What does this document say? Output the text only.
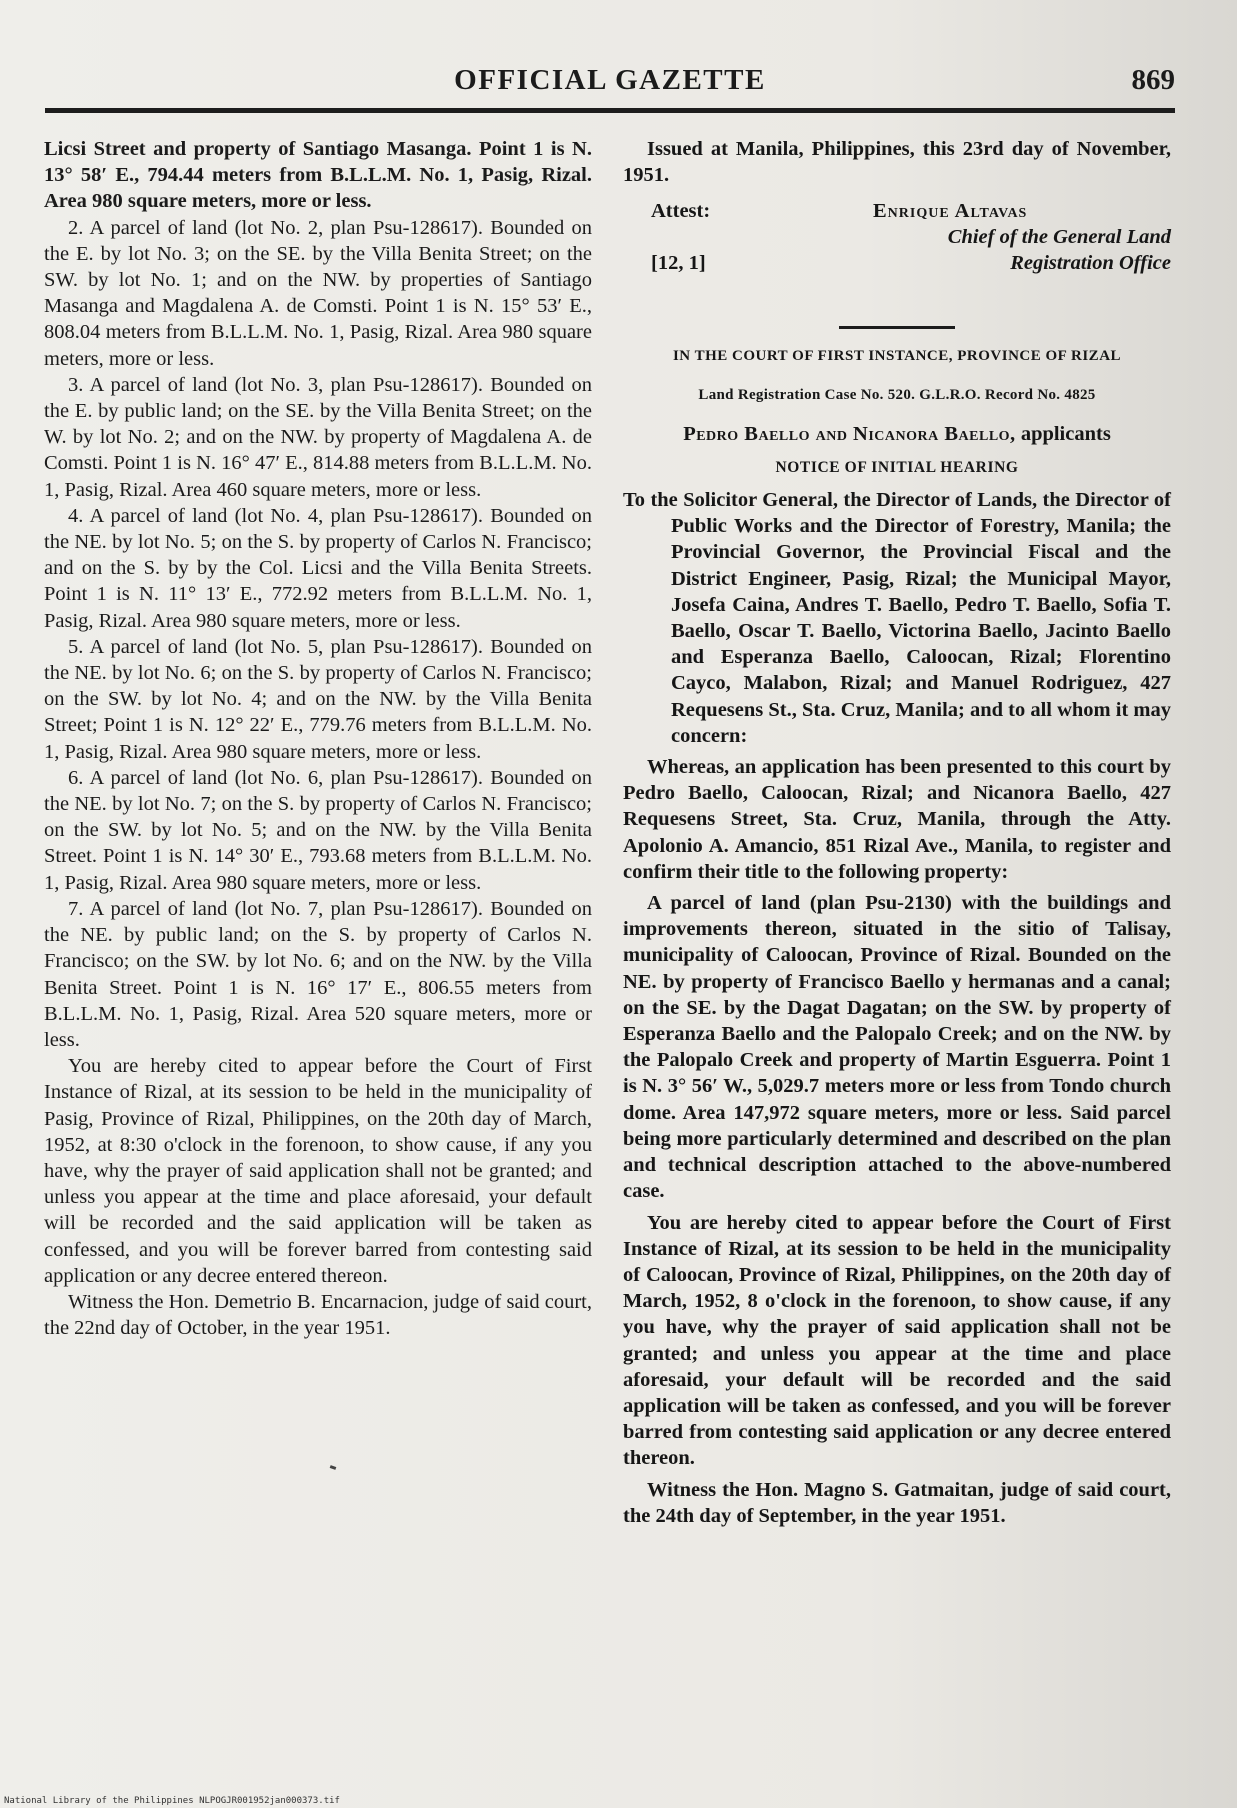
OFFICIAL GAZETTE	869

Licsi Street and property of Santiago Masanga. Point 1 is N. 13° 58′ E., 794.44 meters from B.L.L.M. No. 1, Pasig, Rizal. Area 980 square meters, more or less.

2. A parcel of land (lot No. 2, plan Psu-128617). Bounded on the E. by lot No. 3; on the SE. by the Villa Benita Street; on the SW. by lot No. 1; and on the NW. by properties of Santiago Masanga and Magdalena A. de Comsti. Point 1 is N. 15° 53′ E., 808.04 meters from B.L.L.M. No. 1, Pasig, Rizal. Area 980 square meters, more or less.

3. A parcel of land (lot No. 3, plan Psu-128617). Bounded on the E. by public land; on the SE. by the Villa Benita Street; on the W. by lot No. 2; and on the NW. by property of Magdalena A. de Comsti. Point 1 is N. 16° 47′ E., 814.88 meters from B.L.L.M. No. 1, Pasig, Rizal. Area 460 square meters, more or less.

4. A parcel of land (lot No. 4, plan Psu-128617). Bounded on the NE. by lot No. 5; on the S. by property of Carlos N. Francisco; and on the S. by by the Col. Licsi and the Villa Benita Streets. Point 1 is N. 11° 13′ E., 772.92 meters from B.L.L.M. No. 1, Pasig, Rizal. Area 980 square meters, more or less.

5. A parcel of land (lot No. 5, plan Psu-128617). Bounded on the NE. by lot No. 6; on the S. by property of Carlos N. Francisco; on the SW. by lot No. 4; and on the NW. by the Villa Benita Street; Point 1 is N. 12° 22′ E., 779.76 meters from B.L.L.M. No. 1, Pasig, Rizal. Area 980 square meters, more or less.

6. A parcel of land (lot No. 6, plan Psu-128617). Bounded on the NE. by lot No. 7; on the S. by property of Carlos N. Francisco; on the SW. by lot No. 5; and on the NW. by the Villa Benita Street. Point 1 is N. 14° 30′ E., 793.68 meters from B.L.L.M. No. 1, Pasig, Rizal. Area 980 square meters, more or less.

7. A parcel of land (lot No. 7, plan Psu-128617). Bounded on the NE. by public land; on the S. by property of Carlos N. Francisco; on the SW. by lot No. 6; and on the NW. by the Villa Benita Street. Point 1 is N. 16° 17′ E., 806.55 meters from B.L.L.M. No. 1, Pasig, Rizal. Area 520 square meters, more or less.

You are hereby cited to appear before the Court of First Instance of Rizal, at its session to be held in the municipality of Pasig, Province of Rizal, Philippines, on the 20th day of March, 1952, at 8:30 o'clock in the forenoon, to show cause, if any you have, why the prayer of said application shall not be granted; and unless you appear at the time and place aforesaid, your default will be recorded and the said application will be taken as confessed, and you will be forever barred from contesting said application or any decree entered thereon.

Witness the Hon. Demetrio B. Encarnacion, judge of said court, the 22nd day of October, in the year 1951.

Issued at Manila, Philippines, this 23rd day of November, 1951.

Attest:	Enrique Altavas
Chief of the General Land
[12, 1]	Registration Office
IN THE COURT OF FIRST INSTANCE, PROVINCE OF RIZAL
Land Registration Case No. 520. G.L.R.O. Record No. 4825
Pedro Baello and Nicanora Baello, applicants
NOTICE OF INITIAL HEARING

To the Solicitor General, the Director of Lands, the Director of Public Works and the Director of Forestry, Manila; the Provincial Governor, the Provincial Fiscal and the District Engineer, Pasig, Rizal; the Municipal Mayor, Josefa Caina, Andres T. Baello, Pedro T. Baello, Sofia T. Baello, Oscar T. Baello, Victorina Baello, Jacinto Baello and Esperanza Baello, Caloocan, Rizal; Florentino Cayco, Malabon, Rizal; and Manuel Rodriguez, 427 Requesens St., Sta. Cruz, Manila; and to all whom it may concern:

Whereas, an application has been presented to this court by Pedro Baello, Caloocan, Rizal; and Nicanora Baello, 427 Requesens Street, Sta. Cruz, Manila, through the Atty. Apolonio A. Amancio, 851 Rizal Ave., Manila, to register and confirm their title to the following property:

A parcel of land (plan Psu-2130) with the buildings and improvements thereon, situated in the sitio of Talisay, municipality of Caloocan, Province of Rizal. Bounded on the NE. by property of Francisco Baello y hermanas and a canal; on the SE. by the Dagat Dagatan; on the SW. by property of Esperanza Baello and the Palopalo Creek; and on the NW. by the Palopalo Creek and property of Martin Esguerra. Point 1 is N. 3° 56′ W., 5,029.7 meters more or less from Tondo church dome. Area 147,972 square meters, more or less. Said parcel being more particularly determined and described on the plan and technical description attached to the above-numbered case.

You are hereby cited to appear before the Court of First Instance of Rizal, at its session to be held in the municipality of Caloocan, Province of Rizal, Philippines, on the 20th day of March, 1952, 8 o'clock in the forenoon, to show cause, if any you have, why the prayer of said application shall not be granted; and unless you appear at the time and place aforesaid, your default will be recorded and the said application will be taken as confessed, and you will be forever barred from contesting said application or any decree entered thereon.

Witness the Hon. Magno S. Gatmaitan, judge of said court, the 24th day of September, in the year 1951.

National Library of the Philippines NLPOGJR001952jan000373.tif
